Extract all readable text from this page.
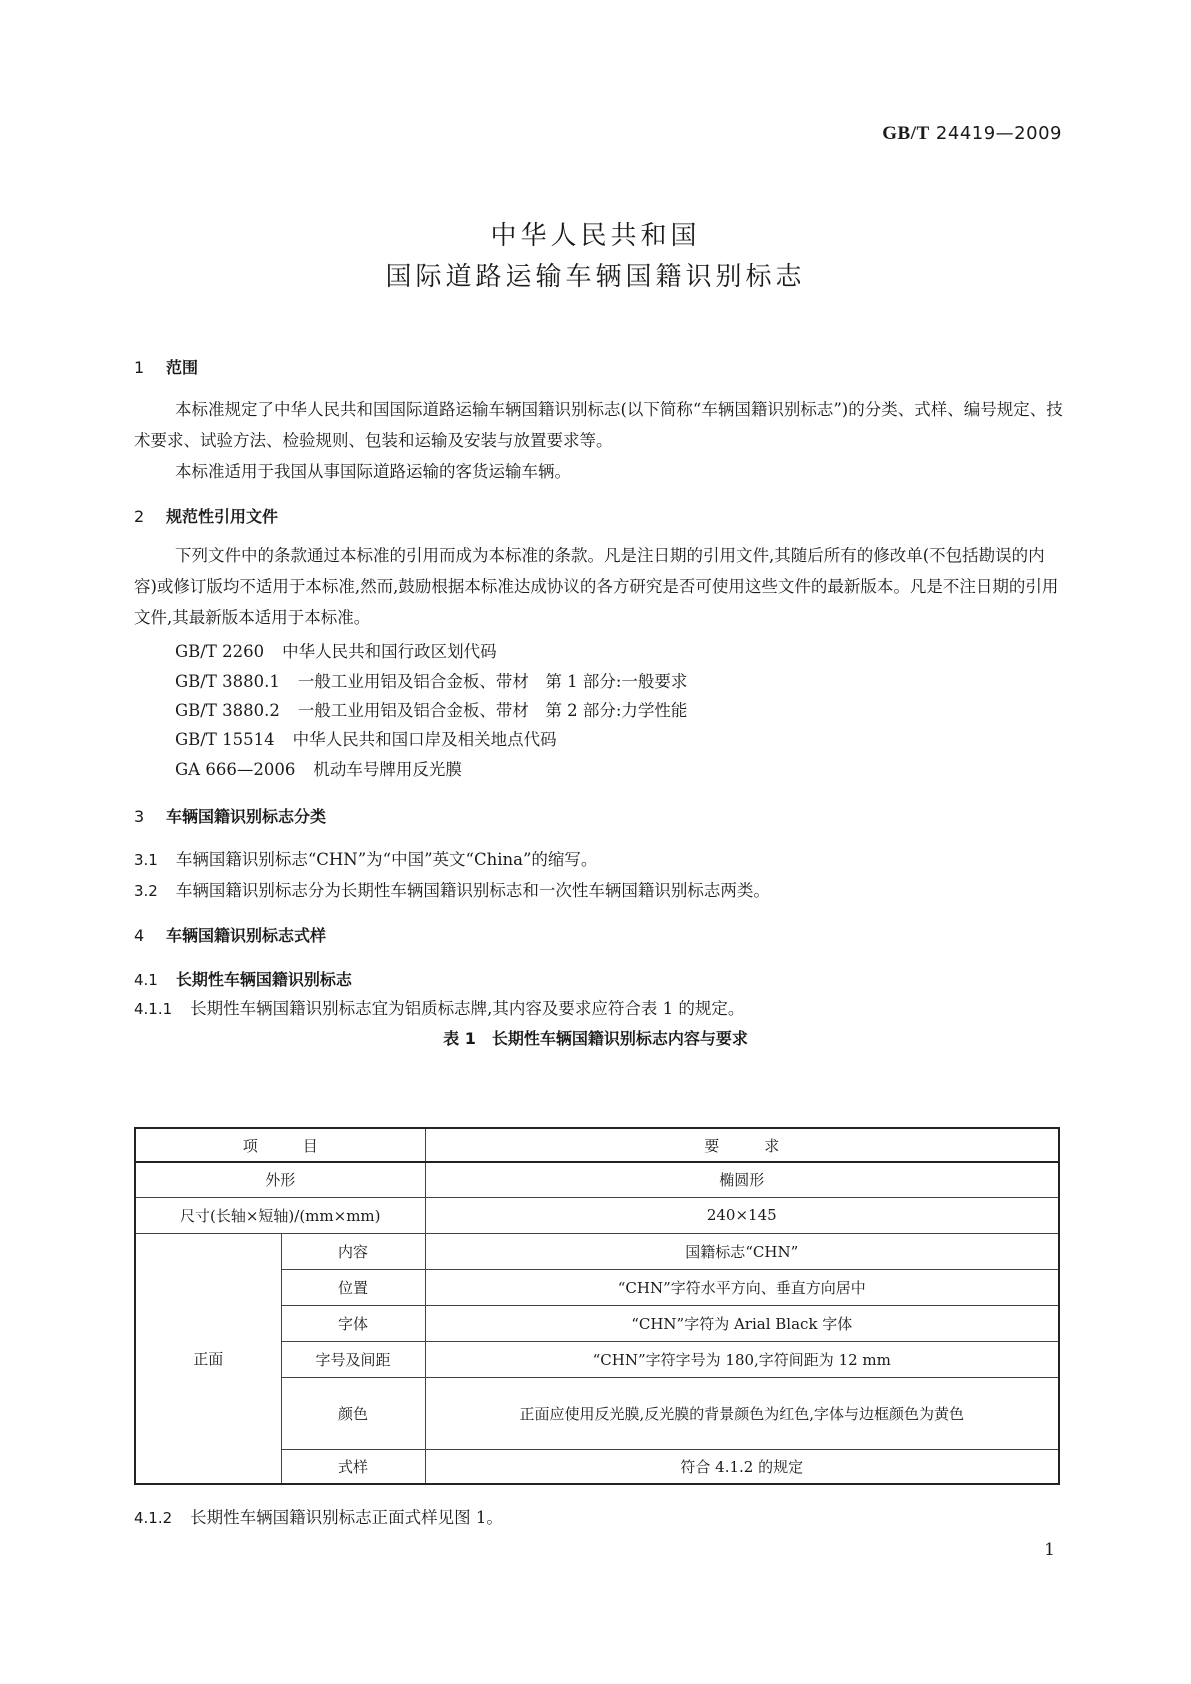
GB/T 24419—2009
中华人民共和国
国际道路运输车辆国籍识别标志
1 范围
本标准规定了中华人民共和国国际道路运输车辆国籍识别标志(以下简称“车辆国籍识别标志”)的分类、式样、编号规定、技术要求、试验方法、检验规则、包装和运输及安装与放置要求等。
本标准适用于我国从事国际道路运输的客货运输车辆。
2 规范性引用文件
下列文件中的条款通过本标准的引用而成为本标准的条款。凡是注日期的引用文件,其随后所有的修改单(不包括勘误的内容)或修订版均不适用于本标准,然而,鼓励根据本标准达成协议的各方研究是否可使用这些文件的最新版本。凡是不注日期的引用文件,其最新版本适用于本标准。
GB/T 2260 中华人民共和国行政区划代码
GB/T 3880.1 一般工业用铝及铝合金板、带材　第 1 部分:一般要求
GB/T 3880.2 一般工业用铝及铝合金板、带材　第 2 部分:力学性能
GB/T 15514 中华人民共和国口岸及相关地点代码
GA 666—2006 机动车号牌用反光膜
3 车辆国籍识别标志分类
3.1 车辆国籍识别标志“CHN”为“中国”英文“China”的缩写。
3.2 车辆国籍识别标志分为长期性车辆国籍识别标志和一次性车辆国籍识别标志两类。
4 车辆国籍识别标志式样
4.1 长期性车辆国籍识别标志
4.1.1 长期性车辆国籍识别标志宜为铝质标志牌,其内容及要求应符合表 1 的规定。
表 1　长期性车辆国籍识别标志内容与要求
项　　　目		要　　　求
外形		椭圆形
尺寸(长轴×短轴)/(mm×mm)		240×145
正面	内容	国籍标志“CHN”
	位置	“CHN”字符水平方向、垂直方向居中
	字体	“CHN”字符为 Arial Black 字体
	字号及间距	“CHN”字符字号为 180,字符间距为 12 mm
	颜色	正面应使用反光膜,反光膜的背景颜色为红色,字体与边框颜色为黄色
	式样	符合 4.1.2 的规定
4.1.2 长期性车辆国籍识别标志正面式样见图 1。
1
